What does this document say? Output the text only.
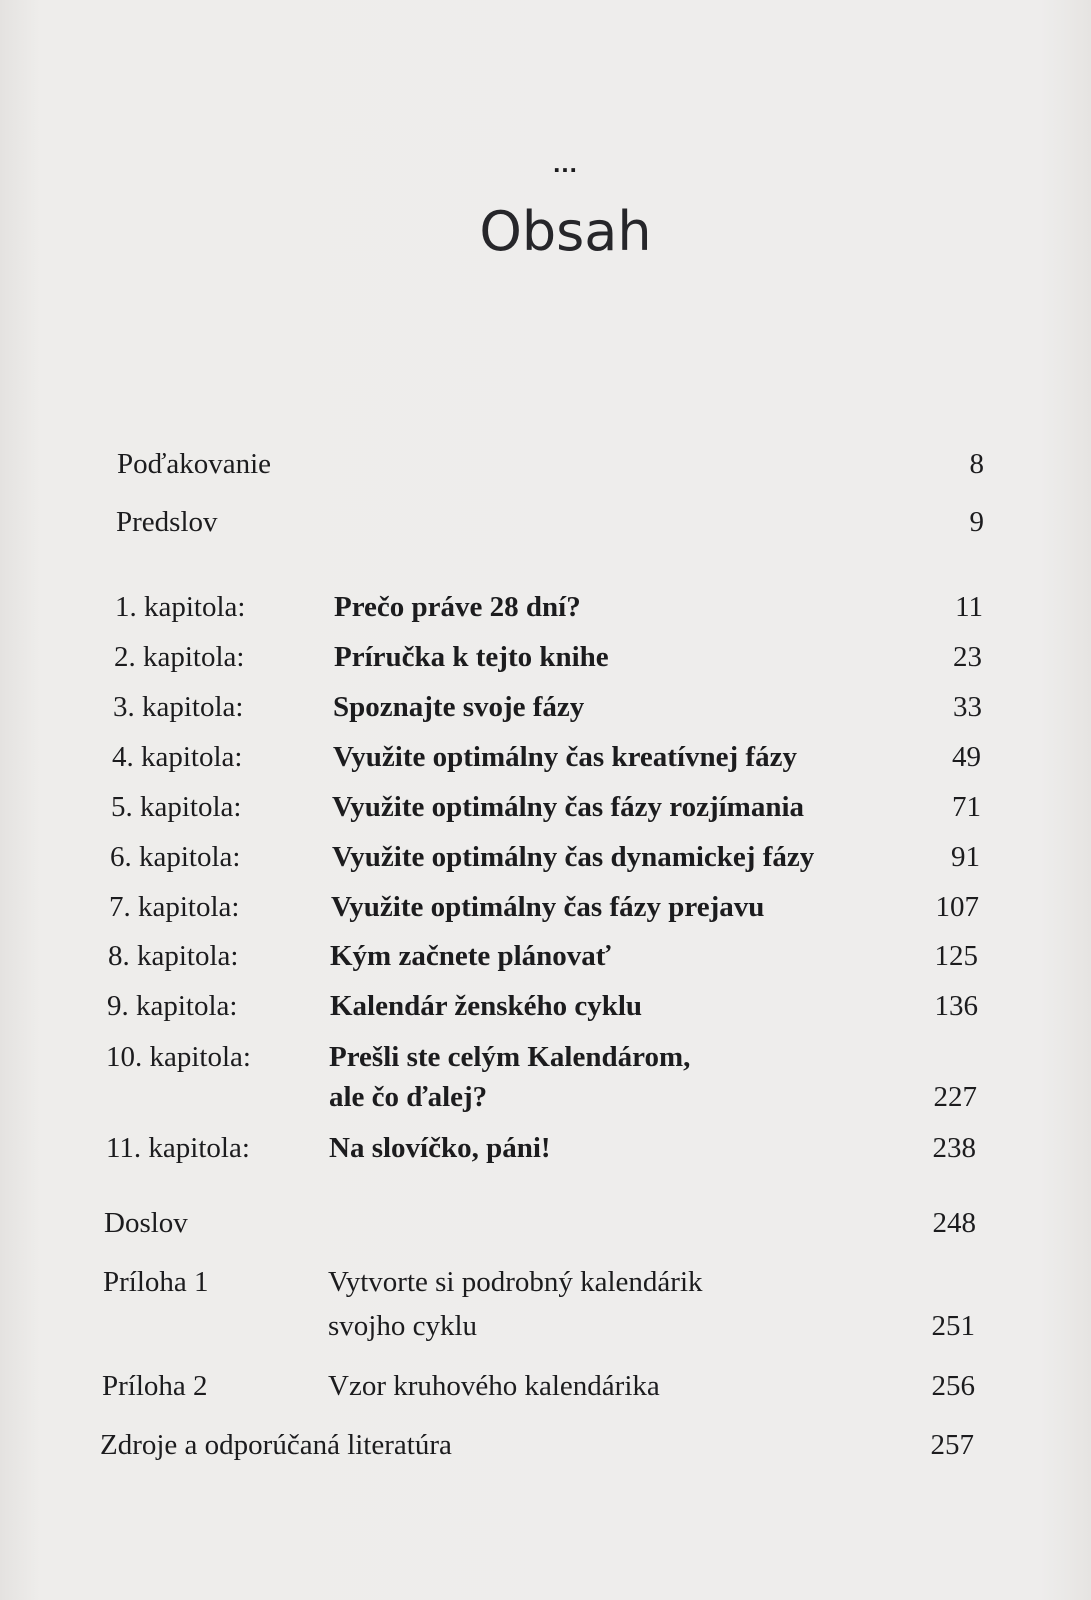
...
Obsah
Poďakovanie	8
Predslov	9
1. kapitola:	Prečo práve 28 dní?	11
2. kapitola:	Príručka k tejto knihe	23
3. kapitola:	Spoznajte svoje fázy	33
4. kapitola:	Využite optimálny čas kreatívnej fázy	49
5. kapitola:	Využite optimálny čas fázy rozjímania	71
6. kapitola:	Využite optimálny čas dynamickej fázy	91
7. kapitola:	Využite optimálny čas fázy prejavu	107
8. kapitola:	Kým začnete plánovať	125
9. kapitola:	Kalendár ženského cyklu	136
10. kapitola:	Prešli ste celým Kalendárom,
ale čo ďalej?	227
11. kapitola:	Na slovíčko, páni!	238
Doslov	248
Príloha 1	Vytvorte si podrobný kalendárik
svojho cyklu	251
Príloha 2	Vzor kruhového kalendárika	256
Zdroje a odporúčaná literatúra	257
